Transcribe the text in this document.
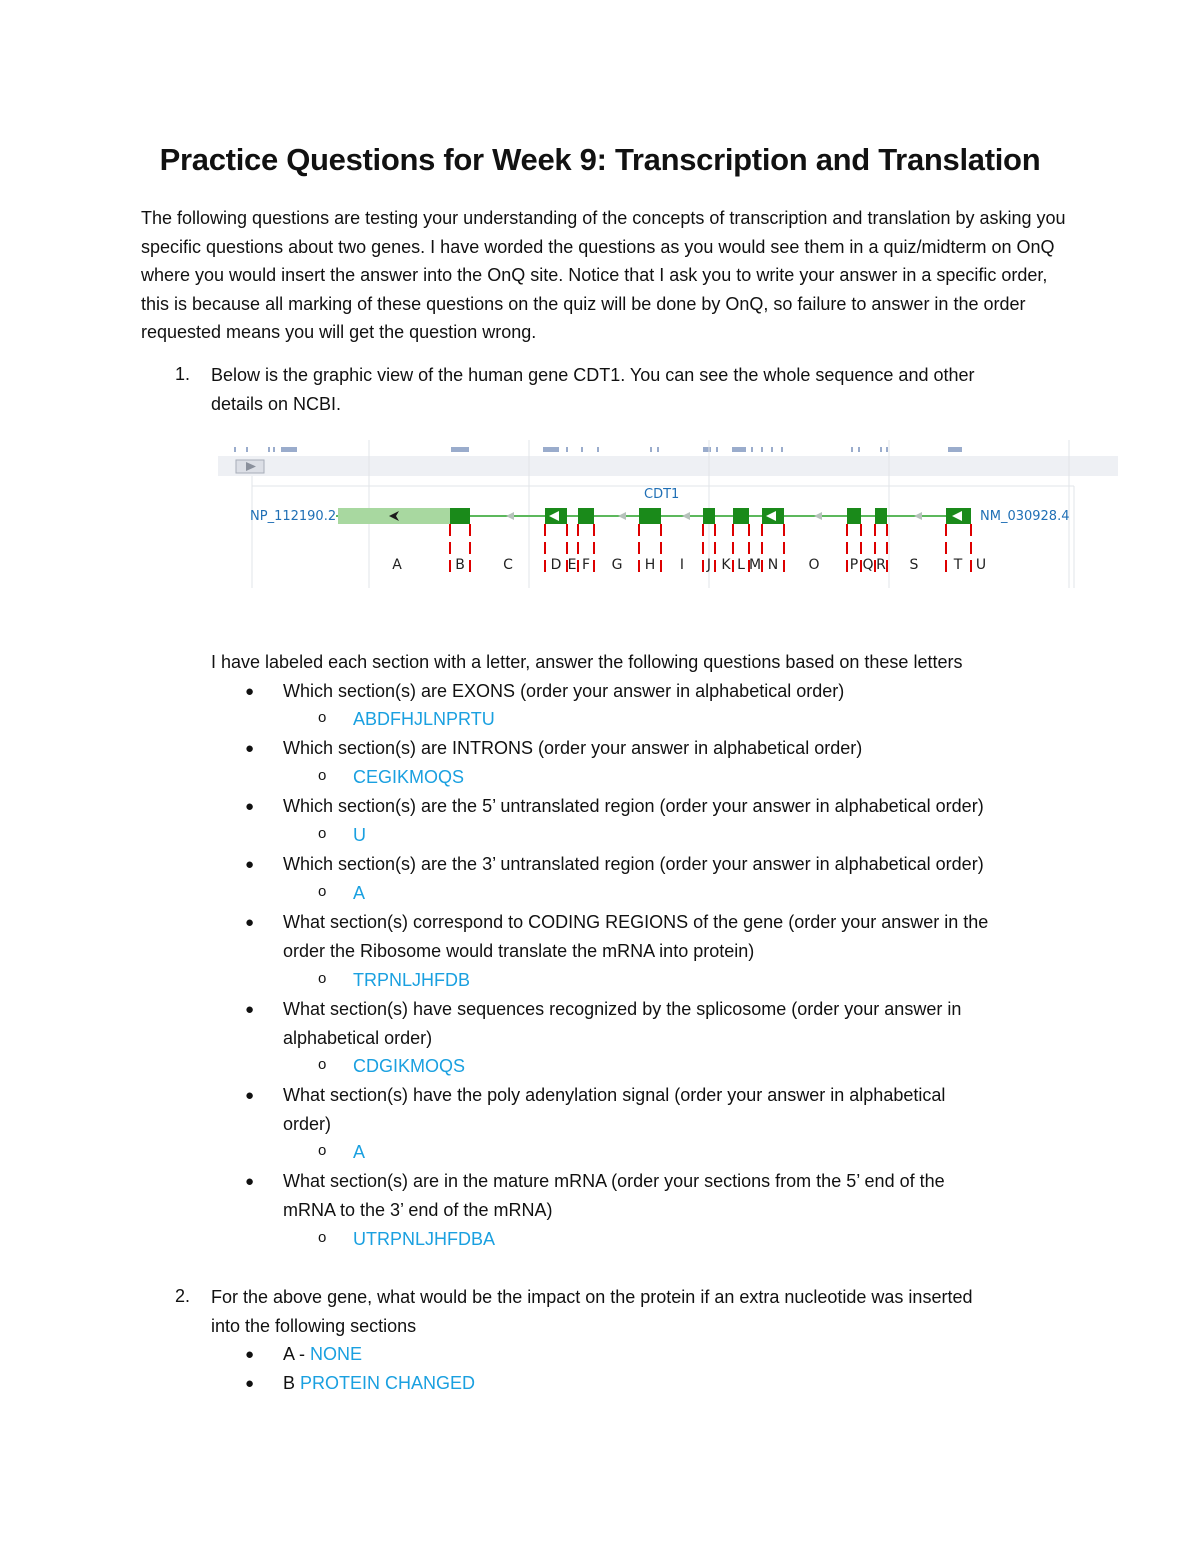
Practice Questions for Week 9: Transcription and Translation

The following questions are testing your understanding of the concepts of transcription and translation by asking you specific questions about two genes. I have worded the questions as you would see them in a quiz/midterm on OnQ where you would insert the answer into the OnQ site. Notice that I ask you to write your answer in a specific order, this is because all marking of these questions on the quiz will be done by OnQ, so failure to answer in the order requested means you will get the question wrong.

1. Below is the graphic view of the human gene CDT1. You can see the whole sequence and other
details on NCBI.
CDT1
NP_112190.2	NM_030928.4
A	B	C	D E F G H I J K L M N O P Q R S	T U
I have labeled each section with a letter, answer the following questions based on these letters
● Which section(s) are EXONS (order your answer in alphabetical order)
o ABDFHJLNPRTU
● Which section(s) are INTRONS (order your answer in alphabetical order)
o CEGIKMOQS
● Which section(s) are the 5’ untranslated region (order your answer in alphabetical order)
o U
● Which section(s) are the 3’ untranslated region (order your answer in alphabetical order)
o A
● What section(s) correspond to CODING REGIONS of the gene (order your answer in the
order the Ribosome would translate the mRNA into protein)
o TRPNLJHFDB
● What section(s) have sequences recognized by the splicosome (order your answer in
alphabetical order)
o CDGIKMOQS
● What section(s) have the poly adenylation signal (order your answer in alphabetical
order)
o A
● What section(s) are in the mature mRNA (order your sections from the 5’ end of the
mRNA to the 3’ end of the mRNA)
o UTRPNLJHFDBA
2. For the above gene, what would be the impact on the protein if an extra nucleotide was inserted
into the following sections
● A - NONE
● B PROTEIN CHANGED
